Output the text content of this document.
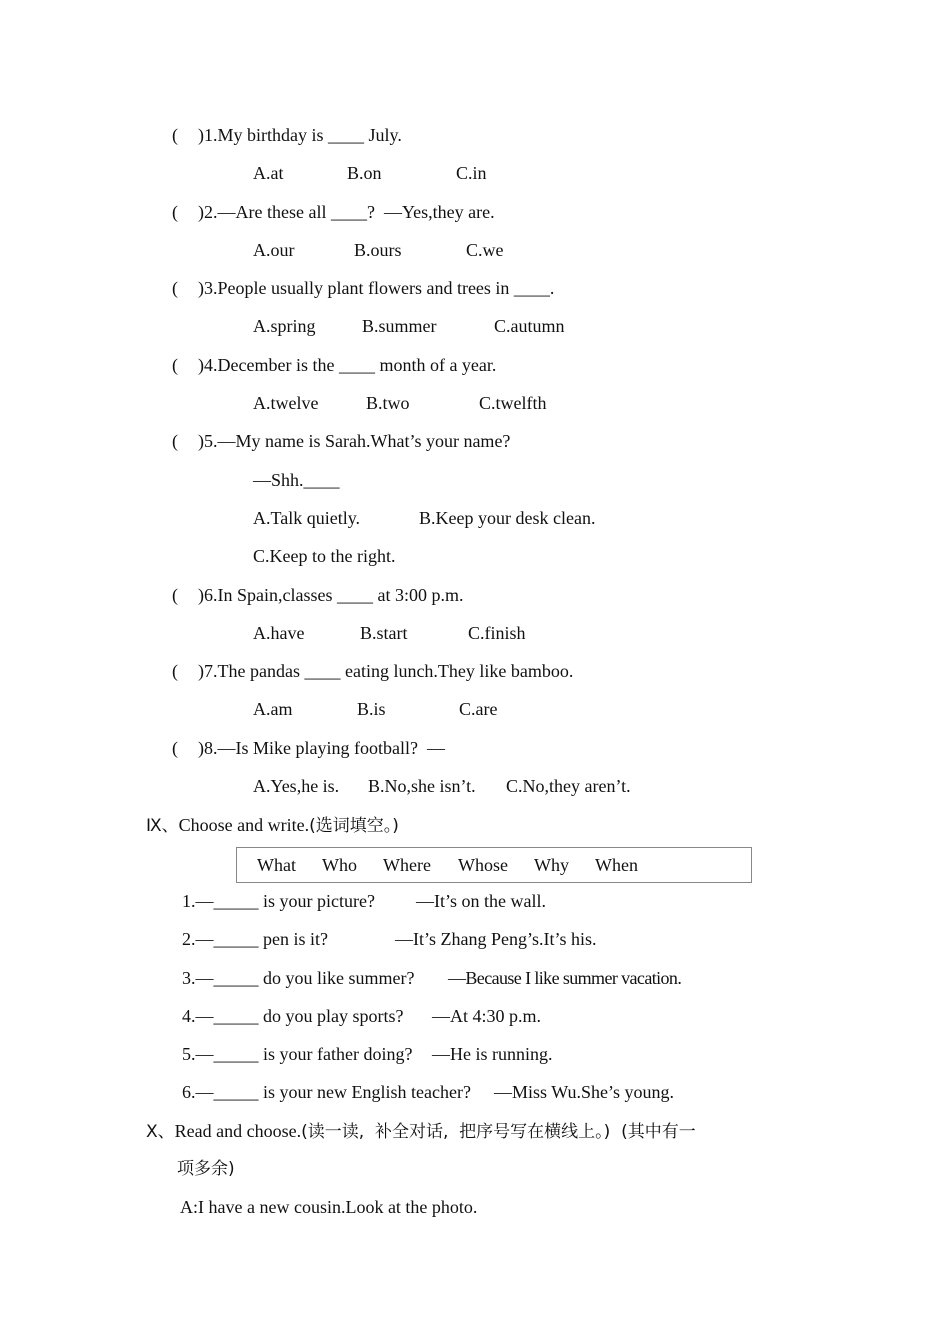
( )1.My birthday is ____ July.
A.at	B.on	C.in
( )2.—Are these all ____?  —Yes,they are.
A.our	B.ours	C.we
( )3.People usually plant flowers and trees in ____.
A.spring	B.summer	C.autumn
( )4.December is the ____ month of a year.
A.twelve	B.two	C.twelfth
( )5.—My name is Sarah.What’s your name?
—Shh.____
A.Talk quietly.	B.Keep your desk clean.
C.Keep to the right.
( )6.In Spain,classes ____ at 3:00 p.m.
A.have	B.start	C.finish
( )7.The pandas ____ eating lunch.They like bamboo.
A.am	B.is	C.are
( )8.—Is Mike playing football?  —
A.Yes,he is. B.No,she isn’t. C.No,they aren’t.
Ⅸ、Choose and write.(选词填空。)
What Who Where Whose Why When
1.—_____ is your picture? —It’s on the wall.
2.—_____ pen is it?	—It’s Zhang Peng’s.It’s his.
3.—_____ do you like summer? —Because I like summer vacation.
4.—_____ do you play sports? —At 4:30 p.m.
5.—_____ is your father doing? —He is running.
6.—_____ is your new English teacher? —Miss Wu.She’s young.
Ⅹ、Read and choose.(读一读,  补全对话,  把序号写在横线上。)  (其中有一
项多余)
A:I have a new cousin.Look at the photo.
